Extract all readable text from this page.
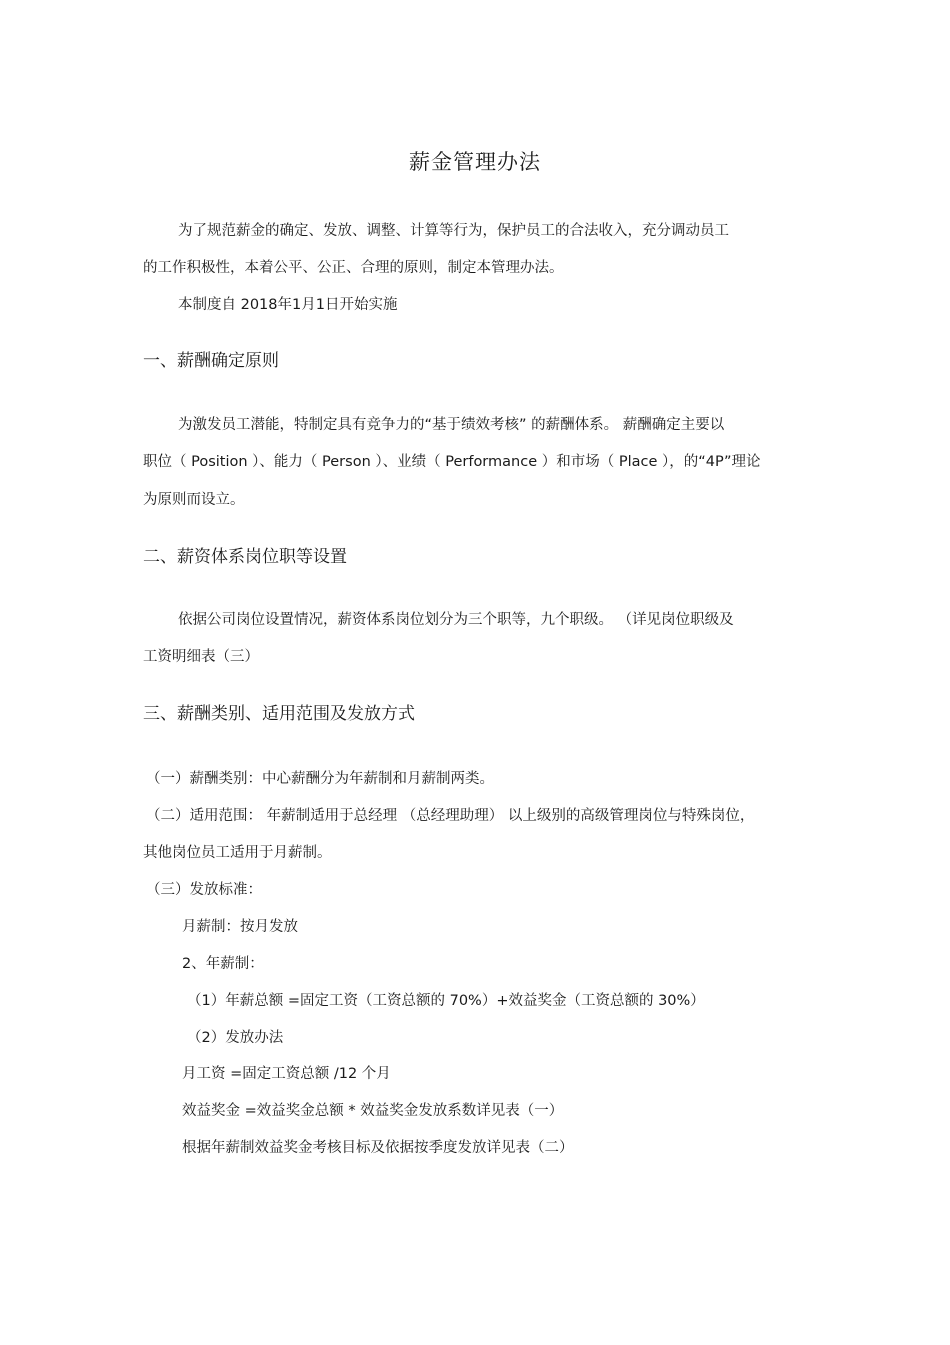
薪金管理办法
为了规范薪金的确定、发放、调整、计算等行为，保护员工的合法收入，充分调动员工
的工作积极性，本着公平、公正、合理的原则，制定本管理办法。
本制度自 2018年1月1日开始实施
一、薪酬确定原则
为激发员工潜能，特制定具有竞争力的“基于绩效考核” 的薪酬体系。 薪酬确定主要以
职位（ Position ）、能力（ Person ）、业绩（ Performance ）和市场（ Place ），的“4P”理论
为原则而设立。
二、薪资体系岗位职等设置
依据公司岗位设置情况，薪资体系岗位划分为三个职等，九个职级。 （详见岗位职级及
工资明细表（三）
三、薪酬类别、适用范围及发放方式
（一）薪酬类别：中心薪酬分为年薪制和月薪制两类。
（二）适用范围： 年薪制适用于总经理 （总经理助理） 以上级别的高级管理岗位与特殊岗位，
其他岗位员工适用于月薪制。
（三）发放标准：
月薪制：按月发放
2、年薪制：
（1）年薪总额 =固定工资（工资总额的 70%）+效益奖金（工资总额的 30%）
（2）发放办法
月工资 =固定工资总额 /12 个月
效益奖金 =效益奖金总额 * 效益奖金发放系数详见表（一）
根据年薪制效益奖金考核目标及依据按季度发放详见表（二）
